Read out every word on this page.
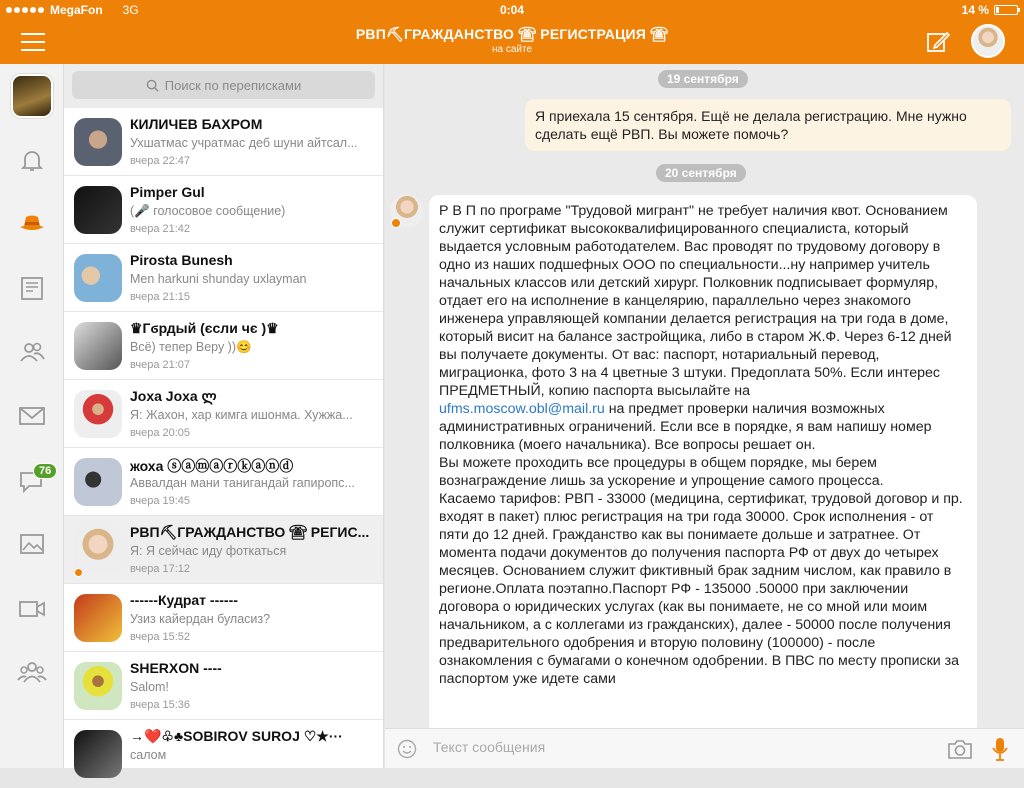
MegaFon 3G	0:04	14 %
РВП⛏ГРАЖДАНСТВО ☎ РЕГИСТРАЦИЯ ☎
на сайте
76
Поиск по переписками
КИЛИЧЕВ БАХРОМ
Ухшатмас учратмас деб шуни айтсал...
вчера 22:47
Pimper Gul
(🎤 голосовое сообщение)
вчера 21:42
Pirosta Bunesh
Men harkuni shunday uxlayman
вчера 21:15
♛Гϭрдый (єсли чє )♛
Всё) тепер Веру ))😊
вчера 21:07
Joxa Joxa ლ
Я: Жахон, хар кимга ишонма. Хужжа...
вчера 20:05
жоха ⓢⓐⓜⓐⓡⓚⓐⓝⓓ
Аввалдан мани танигандай гапиропс...
вчера 19:45
РВП⛏ГРАЖДАНСТВО ☎ РЕГИС...
Я: Я сейчас иду фоткаться
вчера 17:12
------Кудрат ------
Узиз кайердан буласиз?
вчера 15:52
SHERXON ----
Salom!
вчера 15:36
→❤️♧♣SOBIROV SUROJ ♡★···
салом
19 сентября
Я приехала 15 сентября. Ещё не делала регистрацию. Мне нужно сделать ещё РВП. Вы можете помочь?
20 сентября

Р В П по програме "Трудовой мигрант" не требует наличия квот. Основанием служит сертификат высококвалифицированного специалиста, который выдается условным работодателем. Вас проводят по трудовому договору в одно из наших подшефных ООО по специальности...ну например учитель начальных классов или детский хирург. Полковник подписывает формуляр, отдает его на исполнение в канцелярию, параллельно через знакомого инженера управляющей компании делается регистрация на три года в доме, который висит на балансе застройщика, либо в старом Ж.Ф. Через 6-12 дней вы получаете документы. От вас: паспорт, нотариальный перевод, миграционка, фото 3 на 4 цветные 3 штуки. Предоплата 50%. Если интерес ПРЕДМЕТНЫЙ, копию паспорта высылайте на
ufms.moscow.obl@mail.ru на предмет проверки наличия возможных административных ограничений. Если все в порядке, я вам напишу номер полковника (моего начальника). Все вопросы решает он.

Вы можете проходить все процедуры в общем порядке, мы берем вознаграждение лишь за ускорение и упрощение самого процесса.

Касаемо тарифов: РВП - 33000 (медицина, сертификат, трудовой договор и пр. входят в пакет) плюс регистрация на три года 30000. Срок исполнения - от пяти до 12 дней. Гражданство как вы понимаете дольше и затратнее. От момента подачи документов до получения паспорта РФ от двух до четырех месяцев. Основанием служит фиктивный брак задним числом, как правило в регионе.Оплата поэтапно.Паспорт РФ - 135000 .50000 при заключении договора о юридических услугах (как вы понимаете, не со мной или моим начальником, а с коллегами из гражданских), далее - 50000 после получения предварительного одобрения и вторую половину (100000) - после ознакомления с бумагами о конечном одобрении. В ПВС по месту прописки за паспортом уже идете сами

Текст сообщения
